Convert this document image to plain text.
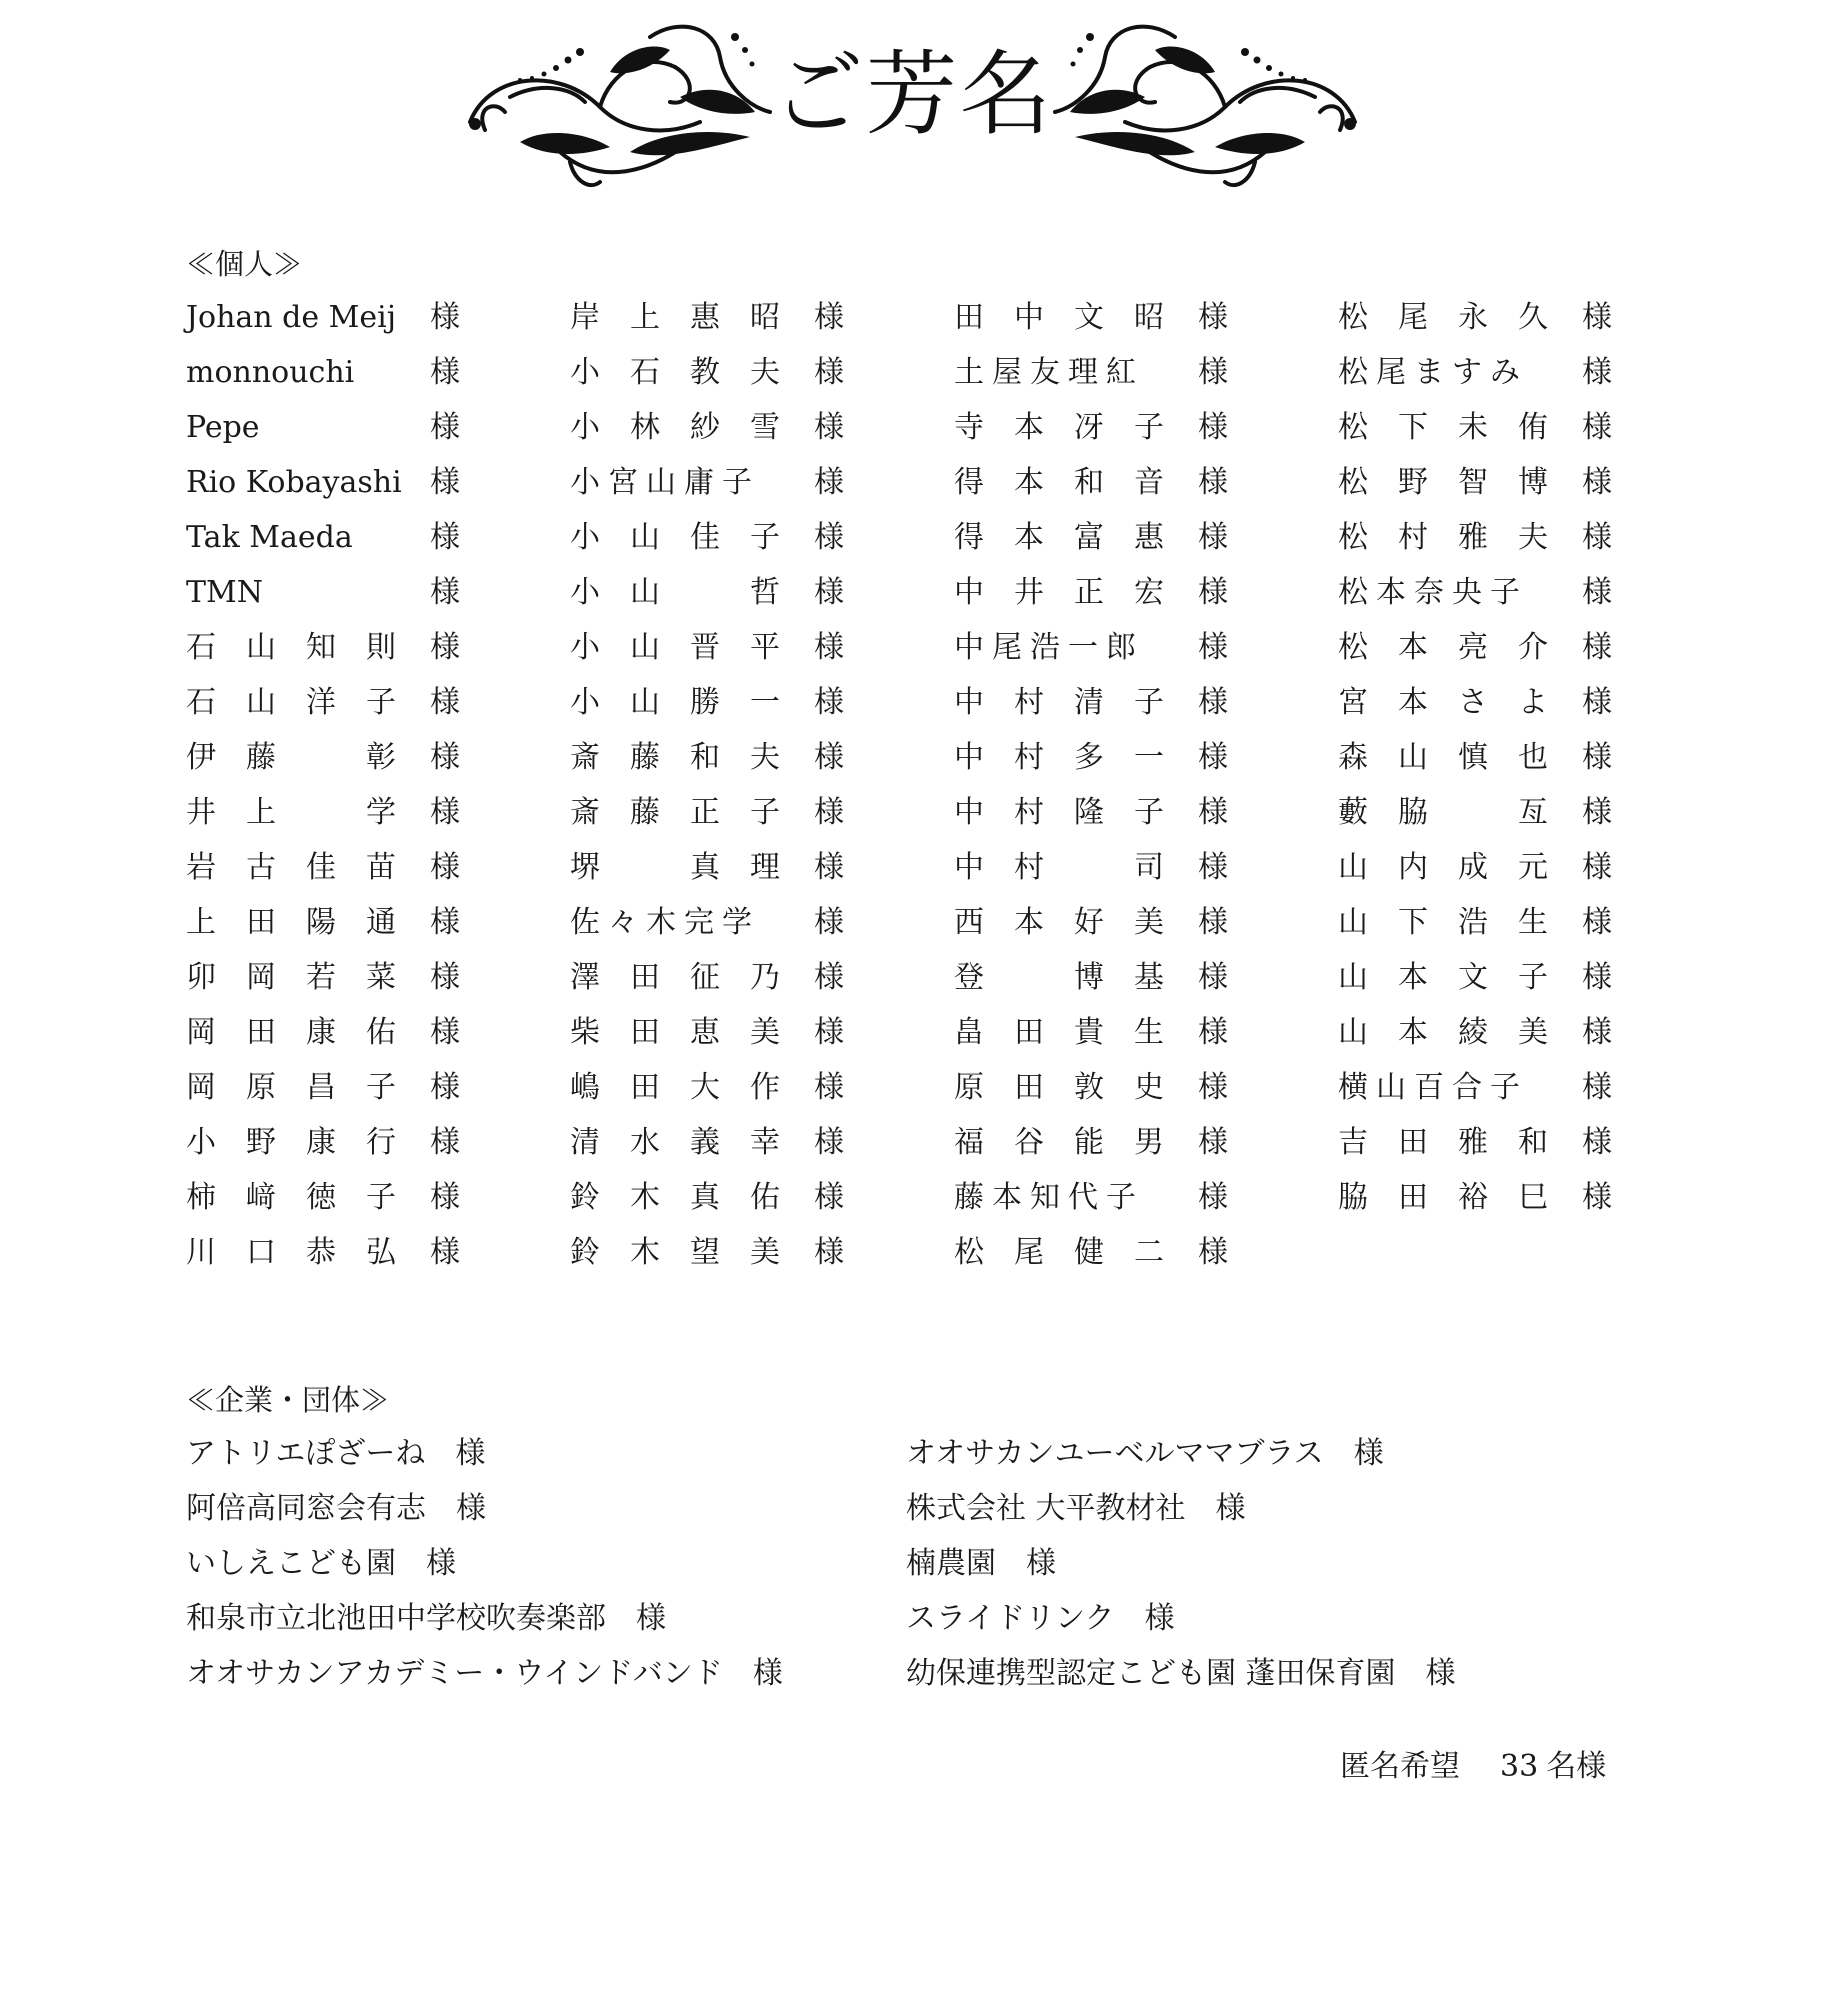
ご芳名
≪個人≫
Johan de Meij	様	岸上惠昭 様	田中文昭 様	松尾永久 様
monnouchi	様	小石教夫 様	土屋友理紅	様	松尾ますみ	様
Pepe	様	小林紗雪 様	寺本冴子 様	松下未侑 様
Rio Kobayashi 様	小宮山庸子	様	得本和音 様	松野智博 様
Tak Maeda	様	小山佳子 様	得本富惠 様	松村雅夫 様
TMN	様	小山　哲 様	中井正宏 様	松本奈央子	様
石山知則 様	小山晋平 様	中尾浩一郎	様	松本亮介 様
石山洋子 様	小山勝一 様	中村清子 様	宮本さよ 様
伊藤　彰 様	斎藤和夫 様	中村多一 様	森山慎也 様
井上　学 様	斎藤正子 様	中村隆子 様	藪脇　亙 様
岩古佳苗 様	堺　真理 様	中村　司 様	山内成元 様
上田陽通 様	佐々木完学	様	西本好美 様	山下浩生 様
卯岡若菜 様	澤田征乃 様	登　博基 様	山本文子 様
岡田康佑 様	柴田恵美 様	畠田貴生 様	山本綾美 様
岡原昌子 様	嶋田大作 様	原田敦史 様	横山百合子	様
小野康行 様	清水義幸 様	福谷能男 様	吉田雅和 様
柿﨑徳子 様	鈴木真佑 様	藤本知代子	様	脇田裕巳 様
川口恭弘 様	鈴木望美 様	松尾健二 様
≪企業・団体≫
アトリエぽざーね　様	オオサカンユーベルママブラス　様
阿倍高同窓会有志　様	株式会社 大平教材社　様
いしえこども園　様	楠農園　様
和泉市立北池田中学校吹奏楽部　様	スライドリンク　様
オオサカンアカデミー・ウインドバンド　様	幼保連携型認定こども園 蓬田保育園　様
匿名希望 33 名様
